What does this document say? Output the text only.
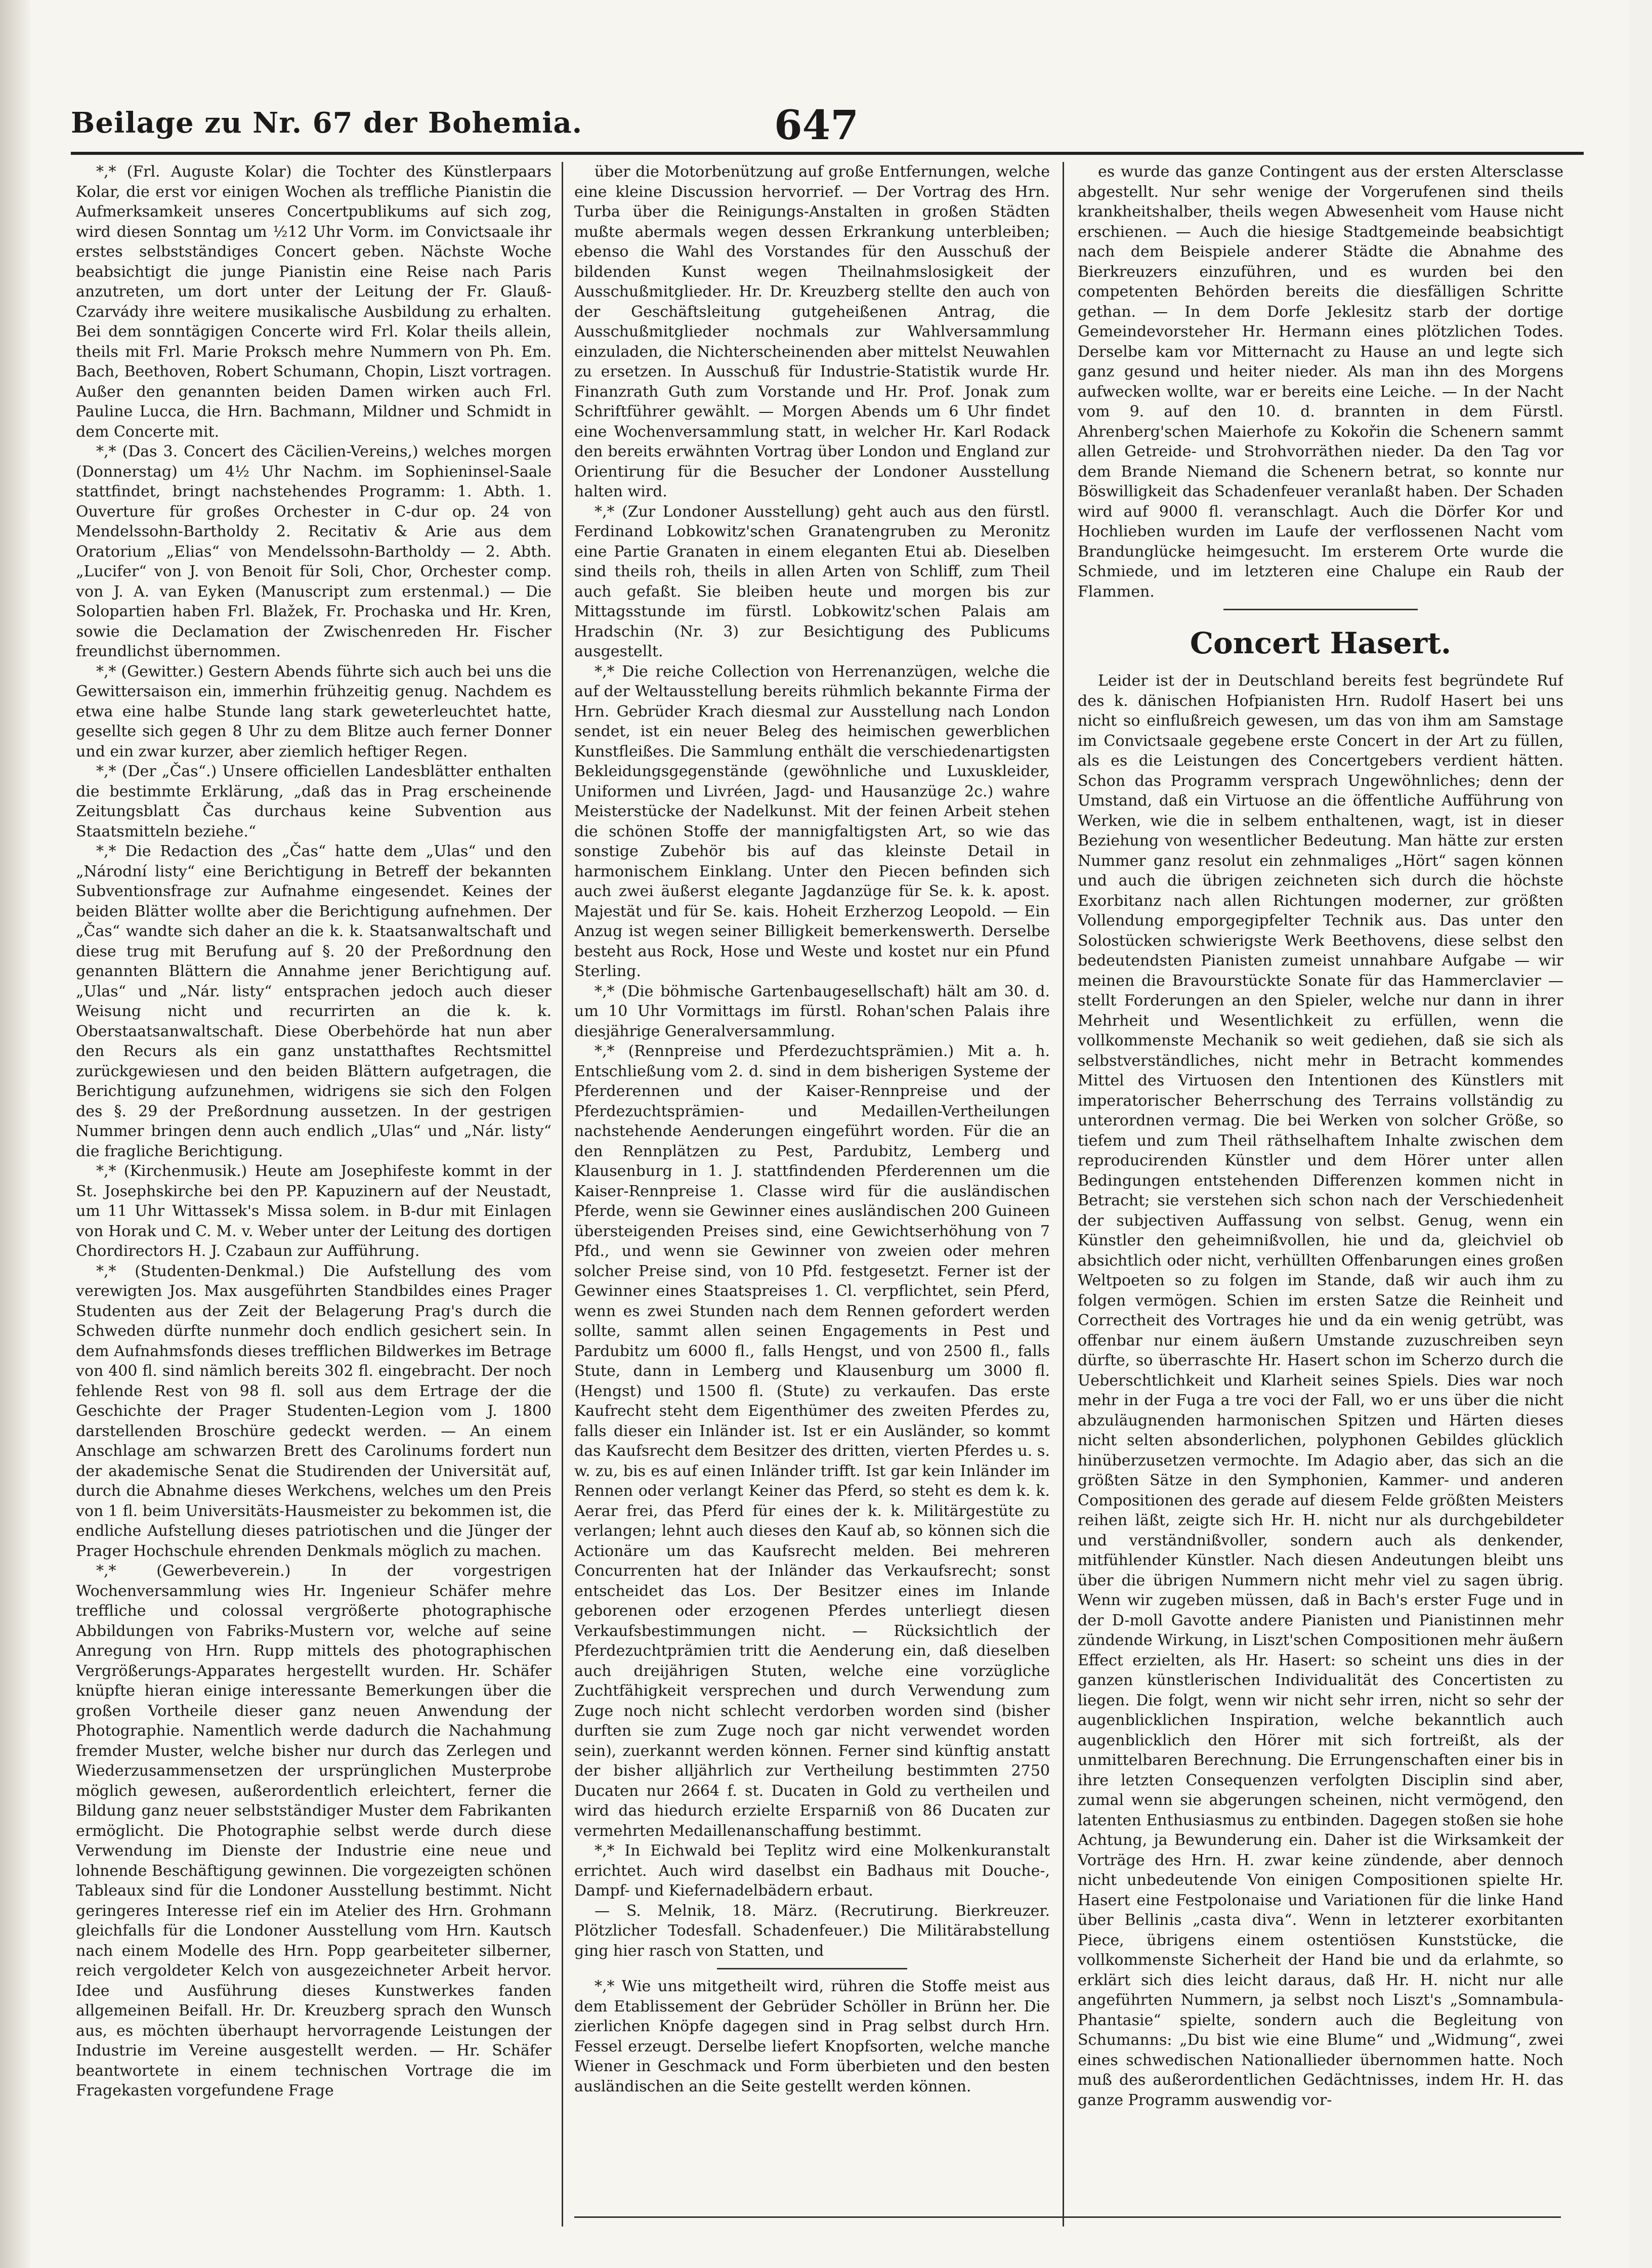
Beilage zu Nr. 67 der Bohemia.	647

*,* (Frl. Auguste Kolar) die Tochter des Künstlerpaars Kolar, die erst vor einigen Wochen als treffliche Pianistin die Aufmerksamkeit unseres Concertpublikums auf sich zog, wird diesen Sonntag um ½12 Uhr Vorm. im Convictsaale ihr erstes selbstständiges Concert geben. Nächste Woche beabsichtigt die junge Pianistin eine Reise nach Paris anzutreten, um dort unter der Leitung der Fr. Glauß-Czarvády ihre weitere musikalische Ausbildung zu erhalten. Bei dem sonntägigen Concerte wird Frl. Kolar theils allein, theils mit Frl. Marie Proksch mehre Nummern von Ph. Em. Bach, Beethoven, Robert Schumann, Chopin, Liszt vortragen. Außer den genannten beiden Damen wirken auch Frl. Pauline Lucca, die Hrn. Bachmann, Mildner und Schmidt in dem Concerte mit.

*,* (Das 3. Concert des Cäcilien-Vereins,) welches morgen (Donnerstag) um 4½ Uhr Nachm. im Sophieninsel-Saale stattfindet, bringt nachstehendes Programm: 1. Abth. 1. Ouverture für großes Orchester in C-dur op. 24 von Mendelssohn-Bartholdy 2. Recitativ & Arie aus dem Oratorium „Elias“ von Mendelssohn-Bartholdy — 2. Abth. „Lucifer“ von J. von Benoit für Soli, Chor, Orchester comp. von J. A. van Eyken (Manuscript zum erstenmal.) — Die Solopartien haben Frl. Blažek, Fr. Prochaska und Hr. Kren, sowie die Declamation der Zwischenreden Hr. Fischer freundlichst übernommen.

*,* (Gewitter.) Gestern Abends führte sich auch bei uns die Gewittersaison ein, immerhin frühzeitig genug. Nachdem es etwa eine halbe Stunde lang stark geweterleuchtet hatte, gesellte sich gegen 8 Uhr zu dem Blitze auch ferner Donner und ein zwar kurzer, aber ziemlich heftiger Regen.

*,* (Der „Čas“.) Unsere officiellen Landesblätter enthalten die bestimmte Erklärung, „daß das in Prag erscheinende Zeitungsblatt Čas durchaus keine Subvention aus Staatsmitteln beziehe.“

*,* Die Redaction des „Čas“ hatte dem „Ulas“ und den „Národní listy“ eine Berichtigung in Betreff der bekannten Subventionsfrage zur Aufnahme eingesendet. Keines der beiden Blätter wollte aber die Berichtigung aufnehmen. Der „Čas“ wandte sich daher an die k. k. Staatsanwaltschaft und diese trug mit Berufung auf §. 20 der Preßordnung den genannten Blättern die Annahme jener Berichtigung auf. „Ulas“ und „Nár. listy“ entsprachen jedoch auch dieser Weisung nicht und recurrirten an die k. k. Oberstaatsanwaltschaft. Diese Oberbehörde hat nun aber den Recurs als ein ganz unstatthaftes Rechtsmittel zurückgewiesen und den beiden Blättern aufgetragen, die Berichtigung aufzunehmen, widrigens sie sich den Folgen des §. 29 der Preßordnung aussetzen. In der gestrigen Nummer bringen denn auch endlich „Ulas“ und „Nár. listy“ die fragliche Berichtigung.

*,* (Kirchenmusik.) Heute am Josephifeste kommt in der St. Josephskirche bei den PP. Kapuzinern auf der Neustadt, um 11 Uhr Wittassek's Missa solem. in B-dur mit Einlagen von Horak und C. M. v. Weber unter der Leitung des dortigen Chordirectors H. J. Czabaun zur Aufführung.

*,* (Studenten-Denkmal.) Die Aufstellung des vom verewigten Jos. Max ausgeführten Standbildes eines Prager Studenten aus der Zeit der Belagerung Prag's durch die Schweden dürfte nunmehr doch endlich gesichert sein. In dem Aufnahmsfonds dieses trefflichen Bildwerkes im Betrage von 400 fl. sind nämlich bereits 302 fl. eingebracht. Der noch fehlende Rest von 98 fl. soll aus dem Ertrage der die Geschichte der Prager Studenten-Legion vom J. 1800 darstellenden Broschüre gedeckt werden. — An einem Anschlage am schwarzen Brett des Carolinums fordert nun der akademische Senat die Studirenden der Universität auf, durch die Abnahme dieses Werkchens, welches um den Preis von 1 fl. beim Universitäts-Hausmeister zu bekommen ist, die endliche Aufstellung dieses patriotischen und die Jünger der Prager Hochschule ehrenden Denkmals möglich zu machen.

*,* (Gewerbeverein.) In der vorgestrigen Wochenversammlung wies Hr. Ingenieur Schäfer mehre treffliche und colossal vergrößerte photographische Abbildungen von Fabriks-Mustern vor, welche auf seine Anregung von Hrn. Rupp mittels des photographischen Vergrößerungs-Apparates hergestellt wurden. Hr. Schäfer knüpfte hieran einige interessante Bemerkungen über die großen Vortheile dieser ganz neuen Anwendung der Photographie. Namentlich werde dadurch die Nachahmung fremder Muster, welche bisher nur durch das Zerlegen und Wiederzusammensetzen der ursprünglichen Musterprobe möglich gewesen, außerordentlich erleichtert, ferner die Bildung ganz neuer selbstständiger Muster dem Fabrikanten ermöglicht. Die Photographie selbst werde durch diese Verwendung im Dienste der Industrie eine neue und lohnende Beschäftigung gewinnen. Die vorgezeigten schönen Tableaux sind für die Londoner Ausstellung bestimmt. Nicht geringeres Interesse rief ein im Atelier des Hrn. Grohmann gleichfalls für die Londoner Ausstellung vom Hrn. Kautsch nach einem Modelle des Hrn. Popp gearbeiteter silberner, reich vergoldeter Kelch von ausgezeichneter Arbeit hervor. Idee und Ausführung dieses Kunstwerkes fanden allgemeinen Beifall. Hr. Dr. Kreuzberg sprach den Wunsch aus, es möchten überhaupt hervorragende Leistungen der Industrie im Vereine ausgestellt werden. — Hr. Schäfer beantwortete in einem technischen Vortrage die im Fragekasten vorgefundene Frage

über die Motorbenützung auf große Entfernungen, welche eine kleine Discussion hervorrief. — Der Vortrag des Hrn. Turba über die Reinigungs-Anstalten in großen Städten mußte abermals wegen dessen Erkrankung unterbleiben; ebenso die Wahl des Vorstandes für den Ausschuß der bildenden Kunst wegen Theilnahmslosigkeit der Ausschußmitglieder. Hr. Dr. Kreuzberg stellte den auch von der Geschäftsleitung gutgeheißenen Antrag, die Ausschußmitglieder nochmals zur Wahlversammlung einzuladen, die Nichterscheinenden aber mittelst Neuwahlen zu ersetzen. In Ausschuß für Industrie-Statistik wurde Hr. Finanzrath Guth zum Vorstande und Hr. Prof. Jonak zum Schriftführer gewählt. — Morgen Abends um 6 Uhr findet eine Wochenversammlung statt, in welcher Hr. Karl Rodack den bereits erwähnten Vortrag über London und England zur Orientirung für die Besucher der Londoner Ausstellung halten wird.

*,* (Zur Londoner Ausstellung) geht auch aus den fürstl. Ferdinand Lobkowitz'schen Granatengruben zu Meronitz eine Partie Granaten in einem eleganten Etui ab. Dieselben sind theils roh, theils in allen Arten von Schliff, zum Theil auch gefaßt. Sie bleiben heute und morgen bis zur Mittagsstunde im fürstl. Lobkowitz'schen Palais am Hradschin (Nr. 3) zur Besichtigung des Publicums ausgestellt.

*,* Die reiche Collection von Herrenanzügen, welche die auf der Weltausstellung bereits rühmlich bekannte Firma der Hrn. Gebrüder Krach diesmal zur Ausstellung nach London sendet, ist ein neuer Beleg des heimischen gewerblichen Kunstfleißes. Die Sammlung enthält die verschiedenartigsten Bekleidungsgegenstände (gewöhnliche und Luxuskleider, Uniformen und Livréen, Jagd- und Hausanzüge 2c.) wahre Meisterstücke der Nadelkunst. Mit der feinen Arbeit stehen die schönen Stoffe der mannigfaltigsten Art, so wie das sonstige Zubehör bis auf das kleinste Detail in harmonischem Einklang. Unter den Piecen befinden sich auch zwei äußerst elegante Jagdanzüge für Se. k. k. apost. Majestät und für Se. kais. Hoheit Erzherzog Leopold. — Ein Anzug ist wegen seiner Billigkeit bemerkenswerth. Derselbe besteht aus Rock, Hose und Weste und kostet nur ein Pfund Sterling.

*,* (Die böhmische Gartenbaugesellschaft) hält am 30. d. um 10 Uhr Vormittags im fürstl. Rohan'schen Palais ihre diesjährige Generalversammlung.

*,* (Rennpreise und Pferdezuchtsprämien.) Mit a. h. Entschließung vom 2. d. sind in dem bisherigen Systeme der Pferderennen und der Kaiser-Rennpreise und der Pferdezuchtsprämien- und Medaillen-Vertheilungen nachstehende Aenderungen eingeführt worden. Für die an den Rennplätzen zu Pest, Pardubitz, Lemberg und Klausenburg in 1. J. stattfindenden Pferderennen um die Kaiser-Rennpreise 1. Classe wird für die ausländischen Pferde, wenn sie Gewinner eines ausländischen 200 Guineen übersteigenden Preises sind, eine Gewichtserhöhung von 7 Pfd., und wenn sie Gewinner von zweien oder mehren solcher Preise sind, von 10 Pfd. festgesetzt. Ferner ist der Gewinner eines Staatspreises 1. Cl. verpflichtet, sein Pferd, wenn es zwei Stunden nach dem Rennen gefordert werden sollte, sammt allen seinen Engagements in Pest und Pardubitz um 6000 fl., falls Hengst, und von 2500 fl., falls Stute, dann in Lemberg und Klausenburg um 3000 fl. (Hengst) und 1500 fl. (Stute) zu verkaufen. Das erste Kaufrecht steht dem Eigenthümer des zweiten Pferdes zu, falls dieser ein Inländer ist. Ist er ein Ausländer, so kommt das Kaufsrecht dem Besitzer des dritten, vierten Pferdes u. s. w. zu, bis es auf einen Inländer trifft. Ist gar kein Inländer im Rennen oder verlangt Keiner das Pferd, so steht es dem k. k. Aerar frei, das Pferd für eines der k. k. Militärgestüte zu verlangen; lehnt auch dieses den Kauf ab, so können sich die Actionäre um das Kaufsrecht melden. Bei mehreren Concurrenten hat der Inländer das Verkaufsrecht; sonst entscheidet das Los. Der Besitzer eines im Inlande geborenen oder erzogenen Pferdes unterliegt diesen Verkaufsbestimmungen nicht. — Rücksichtlich der Pferdezuchtprämien tritt die Aenderung ein, daß dieselben auch dreijährigen Stuten, welche eine vorzügliche Zuchtfähigkeit versprechen und durch Verwendung zum Zuge noch nicht schlecht verdorben worden sind (bisher durften sie zum Zuge noch gar nicht verwendet worden sein), zuerkannt werden können. Ferner sind künftig anstatt der bisher alljährlich zur Vertheilung bestimmten 2750 Ducaten nur 2664 f. st. Ducaten in Gold zu vertheilen und wird das hiedurch erzielte Ersparniß von 86 Ducaten zur vermehrten Medaillenanschaffung bestimmt.

*,* In Eichwald bei Teplitz wird eine Molkenkuranstalt errichtet. Auch wird daselbst ein Badhaus mit Douche-, Dampf- und Kiefernadelbädern erbaut.

— S. Melnik, 18. März. (Recrutirung. Bierkreuzer. Plötzlicher Todesfall. Schadenfeuer.) Die Militärabstellung ging hier rasch von Statten, und

*,* Wie uns mitgetheilt wird, rühren die Stoffe meist aus dem Etablissement der Gebrüder Schöller in Brünn her. Die zierlichen Knöpfe dagegen sind in Prag selbst durch Hrn. Fessel erzeugt. Derselbe liefert Knopfsorten, welche manche Wiener in Geschmack und Form überbieten und den besten ausländischen an die Seite gestellt werden können.

es wurde das ganze Contingent aus der ersten Altersclasse abgestellt. Nur sehr wenige der Vorgerufenen sind theils krankheitshalber, theils wegen Abwesenheit vom Hause nicht erschienen. — Auch die hiesige Stadtgemeinde beabsichtigt nach dem Beispiele anderer Städte die Abnahme des Bierkreuzers einzuführen, und es wurden bei den competenten Behörden bereits die diesfälligen Schritte gethan. — In dem Dorfe Jeklesitz starb der dortige Gemeindevorsteher Hr. Hermann eines plötzlichen Todes. Derselbe kam vor Mitternacht zu Hause an und legte sich ganz gesund und heiter nieder. Als man ihn des Morgens aufwecken wollte, war er bereits eine Leiche. — In der Nacht vom 9. auf den 10. d. brannten in dem Fürstl. Ahrenberg'schen Maierhofe zu Kokořin die Schenern sammt allen Getreide- und Strohvorräthen nieder. Da den Tag vor dem Brande Niemand die Schenern betrat, so konnte nur Böswilligkeit das Schadenfeuer veranlaßt haben. Der Schaden wird auf 9000 fl. veranschlagt. Auch die Dörfer Kor und Hochlieben wurden im Laufe der verflossenen Nacht vom Brandunglücke heimgesucht. Im ersterem Orte wurde die Schmiede, und im letzteren eine Chalupe ein Raub der Flammen.

Concert Hasert.

Leider ist der in Deutschland bereits fest begründete Ruf des k. dänischen Hofpianisten Hrn. Rudolf Hasert bei uns nicht so einflußreich gewesen, um das von ihm am Samstage im Convictsaale gegebene erste Concert in der Art zu füllen, als es die Leistungen des Concertgebers verdient hätten. Schon das Programm versprach Ungewöhnliches; denn der Umstand, daß ein Virtuose an die öffentliche Aufführung von Werken, wie die in selbem enthaltenen, wagt, ist in dieser Beziehung von wesentlicher Bedeutung. Man hätte zur ersten Nummer ganz resolut ein zehnmaliges „Hört“ sagen können und auch die übrigen zeichneten sich durch die höchste Exorbitanz nach allen Richtungen moderner, zur größten Vollendung emporgegipfelter Technik aus. Das unter den Solostücken schwierigste Werk Beethovens, diese selbst den bedeutendsten Pianisten zumeist unnahbare Aufgabe — wir meinen die Bravourstückte Sonate für das Hammerclavier — stellt Forderungen an den Spieler, welche nur dann in ihrer Mehrheit und Wesentlichkeit zu erfüllen, wenn die vollkommenste Mechanik so weit gediehen, daß sie sich als selbstverständliches, nicht mehr in Betracht kommendes Mittel des Virtuosen den Intentionen des Künstlers mit imperatorischer Beherrschung des Terrains vollständig zu unterordnen vermag. Die bei Werken von solcher Größe, so tiefem und zum Theil räthselhaftem Inhalte zwischen dem reproducirenden Künstler und dem Hörer unter allen Bedingungen entstehenden Differenzen kommen nicht in Betracht; sie verstehen sich schon nach der Verschiedenheit der subjectiven Auffassung von selbst. Genug, wenn ein Künstler den geheimnißvollen, hie und da, gleichviel ob absichtlich oder nicht, verhüllten Offenbarungen eines großen Weltpoeten so zu folgen im Stande, daß wir auch ihm zu folgen vermögen. Schien im ersten Satze die Reinheit und Correctheit des Vortrages hie und da ein wenig getrübt, was offenbar nur einem äußern Umstande zuzuschreiben seyn dürfte, so überraschte Hr. Hasert schon im Scherzo durch die Ueberschtlichkeit und Klarheit seines Spiels. Dies war noch mehr in der Fuga a tre voci der Fall, wo er uns über die nicht abzuläugnenden harmonischen Spitzen und Härten dieses nicht selten absonderlichen, polyphonen Gebildes glücklich hinüberzusetzen vermochte. Im Adagio aber, das sich an die größten Sätze in den Symphonien, Kammer- und anderen Compositionen des gerade auf diesem Felde größten Meisters reihen läßt, zeigte sich Hr. H. nicht nur als durchgebildeter und verständnißvoller, sondern auch als denkender, mitfühlender Künstler. Nach diesen Andeutungen bleibt uns über die übrigen Nummern nicht mehr viel zu sagen übrig. Wenn wir zugeben müssen, daß in Bach's erster Fuge und in der D-moll Gavotte andere Pianisten und Pianistinnen mehr zündende Wirkung, in Liszt'schen Compositionen mehr äußern Effect erzielten, als Hr. Hasert: so scheint uns dies in der ganzen künstlerischen Individualität des Concertisten zu liegen. Die folgt, wenn wir nicht sehr irren, nicht so sehr der augenblicklichen Inspiration, welche bekanntlich auch augenblicklich den Hörer mit sich fortreißt, als der unmittelbaren Berechnung. Die Errungenschaften einer bis in ihre letzten Consequenzen verfolgten Disciplin sind aber, zumal wenn sie abgerungen scheinen, nicht vermögend, den latenten Enthusiasmus zu entbinden. Dagegen stoßen sie hohe Achtung, ja Bewunderung ein. Daher ist die Wirksamkeit der Vorträge des Hrn. H. zwar keine zündende, aber dennoch nicht unbedeutende Von einigen Compositionen spielte Hr. Hasert eine Festpolonaise und Variationen für die linke Hand über Bellinis „casta diva“. Wenn in letzterer exorbitanten Piece, übrigens einem ostentiösen Kunststücke, die vollkommenste Sicherheit der Hand bie und da erlahmte, so erklärt sich dies leicht daraus, daß Hr. H. nicht nur alle angeführten Nummern, ja selbst noch Liszt's „Somnambula-Phantasie“ spielte, sondern auch die Begleitung von Schumanns: „Du bist wie eine Blume“ und „Widmung“, zwei eines schwedischen Nationallieder übernommen hatte. Noch muß des außerordentlichen Gedächtnisses, indem Hr. H. das ganze Programm auswendig vor-
